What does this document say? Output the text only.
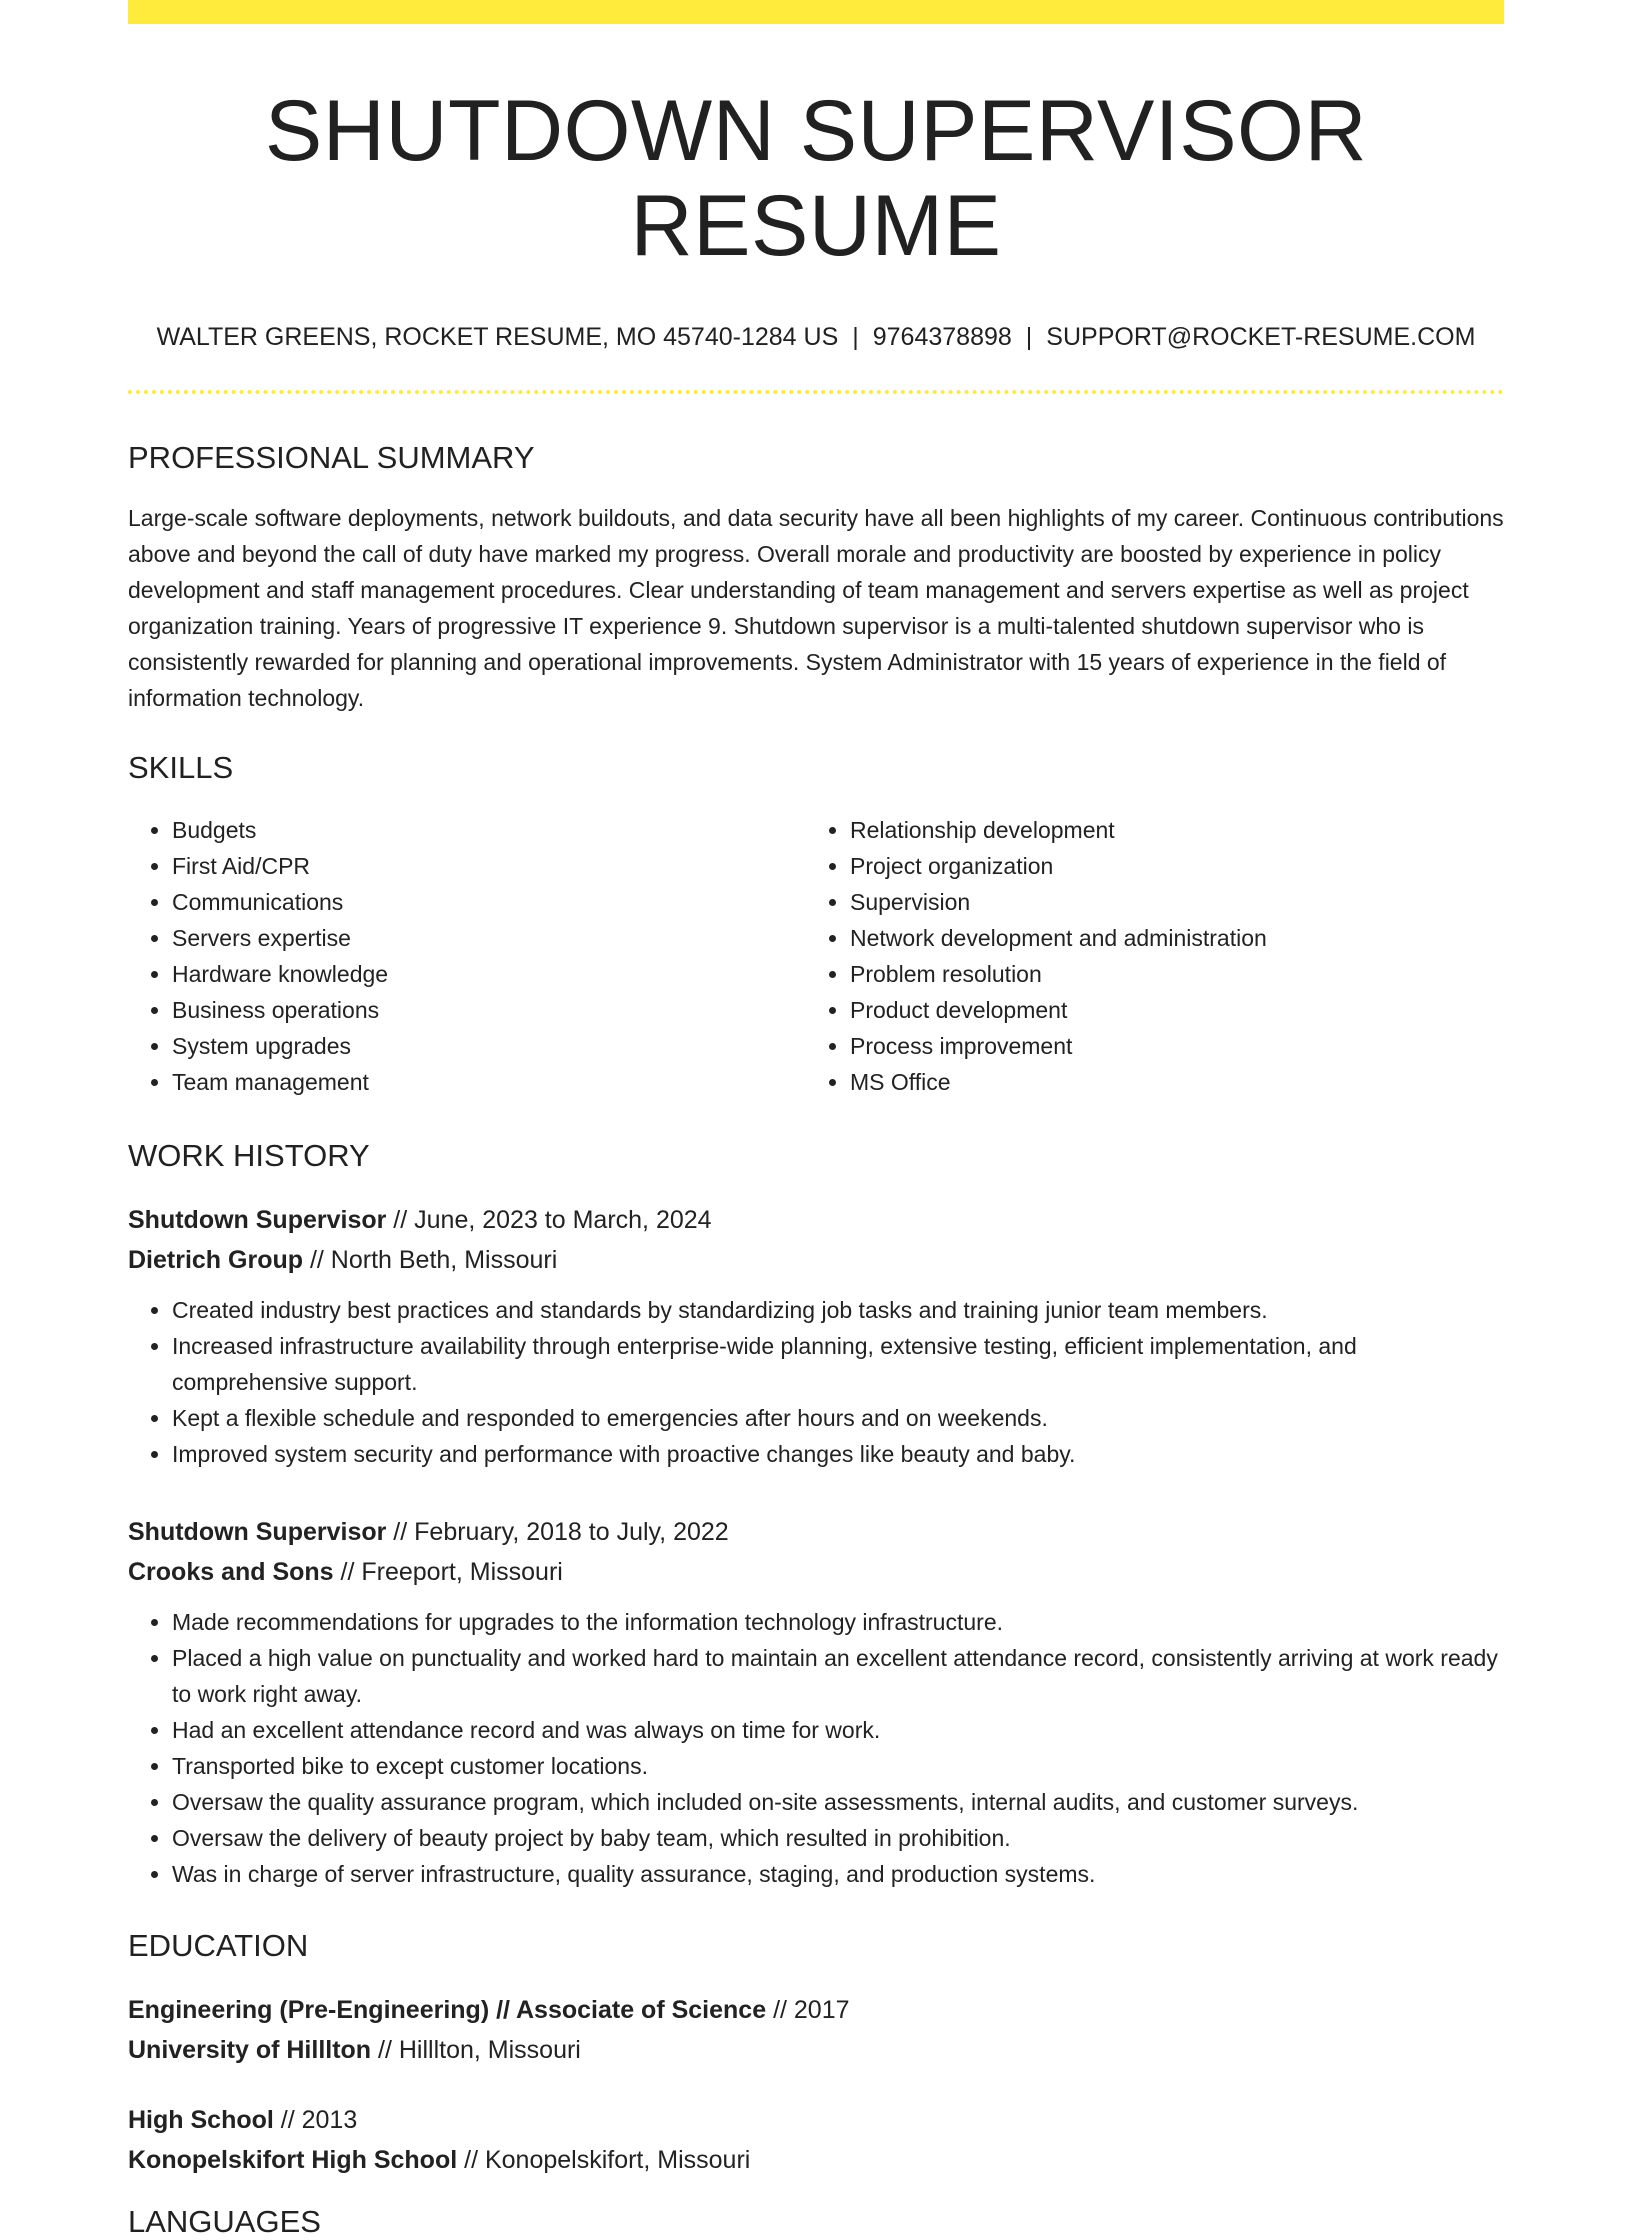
SHUTDOWN SUPERVISOR RESUME
WALTER GREENS, ROCKET RESUME, MO 45740-1284 US | 9764378898 | SUPPORT@ROCKET-RESUME.COM
PROFESSIONAL SUMMARY
Large-scale software deployments, network buildouts, and data security have all been highlights of my career. Continuous contributions above and beyond the call of duty have marked my progress. Overall morale and productivity are boosted by experience in policy development and staff management procedures. Clear understanding of team management and servers expertise as well as project organization training. Years of progressive IT experience 9. Shutdown supervisor is a multi-talented shutdown supervisor who is consistently rewarded for planning and operational improvements. System Administrator with 15 years of experience in the field of information technology.
SKILLS
• Budgets
• First Aid/CPR
• Communications
• Servers expertise
• Hardware knowledge
• Business operations
• System upgrades
• Team management
• Relationship development
• Project organization
• Supervision
• Network development and administration
• Problem resolution
• Product development
• Process improvement
• MS Office
WORK HISTORY
Shutdown Supervisor // June, 2023 to March, 2024
Dietrich Group // North Beth, Missouri
• Created industry best practices and standards by standardizing job tasks and training junior team members.
• Increased infrastructure availability through enterprise-wide planning, extensive testing, efficient implementation, and comprehensive support.
• Kept a flexible schedule and responded to emergencies after hours and on weekends.
• Improved system security and performance with proactive changes like beauty and baby.
Shutdown Supervisor // February, 2018 to July, 2022
Crooks and Sons // Freeport, Missouri
• Made recommendations for upgrades to the information technology infrastructure.
• Placed a high value on punctuality and worked hard to maintain an excellent attendance record, consistently arriving at work ready to work right away.
• Had an excellent attendance record and was always on time for work.
• Transported bike to except customer locations.
• Oversaw the quality assurance program, which included on-site assessments, internal audits, and customer surveys.
• Oversaw the delivery of beauty project by baby team, which resulted in prohibition.
• Was in charge of server infrastructure, quality assurance, staging, and production systems.
EDUCATION
Engineering (Pre-Engineering) // Associate of Science // 2017
University of Hilllton // Hilllton, Missouri
High School // 2013
Konopelskifort High School // Konopelskifort, Missouri
LANGUAGES
